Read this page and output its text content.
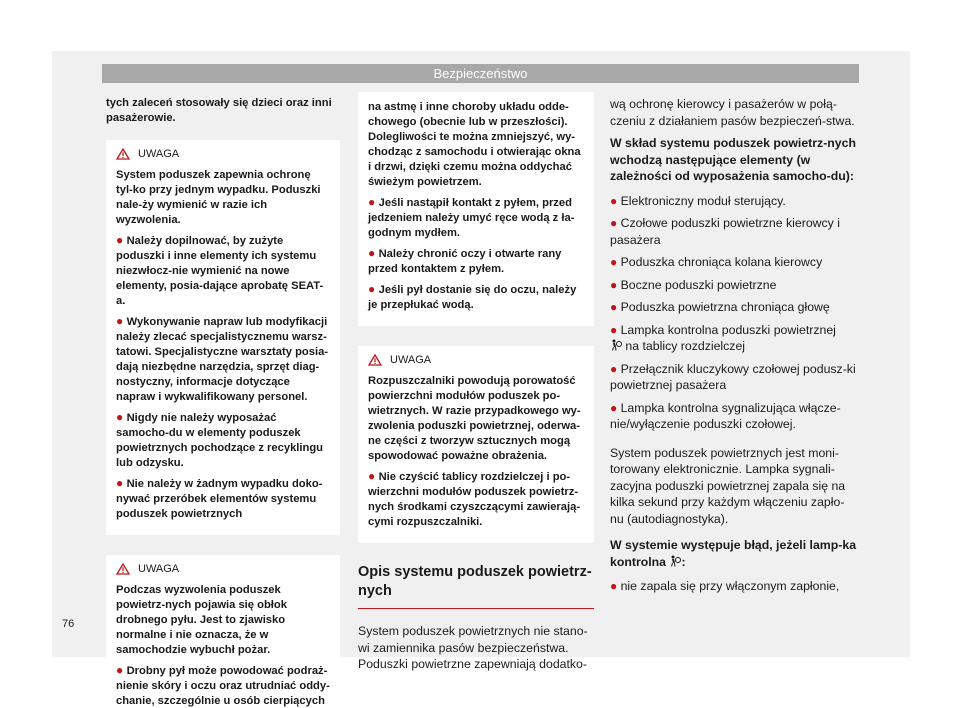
Bezpieczeństwo

tych zaleceń stosowały się dzieci oraz inni pasażerowie.

UWAGA

System poduszek zapewnia ochronę tyl-ko przy jednym wypadku. Poduszki nale-ży wymienić w razie ich wyzwolenia.

● Należy dopilnować, by zużyte poduszki i inne elementy ich systemu niezwłocz-nie wymienić na nowe elementy, posia-dające aprobatę SEAT-a.

● Wykonywanie napraw lub modyfikacji należy zlecać specjalistycznemu warsz-tatowi. Specjalistyczne warsztaty posia-dają niezbędne narzędzia, sprzęt diag-nostyczny, informacje dotyczące napraw i wykwalifikowany personel.

● Nigdy nie należy wyposażać samocho-du w elementy poduszek powietrznych pochodzące z recyklingu lub odzysku.

● Nie należy w żadnym wypadku doko-nywać przeróbek elementów systemu poduszek powietrznych

UWAGA

Podczas wyzwolenia poduszek powietrz-nych pojawia się obłok drobnego pyłu. Jest to zjawisko normalne i nie oznacza, że w samochodzie wybuchł pożar.

● Drobny pył może powodować podraż-nienie skóry i oczu oraz utrudniać oddy-chanie, szczególnie u osób cierpiących

na astmę i inne choroby układu odde-chowego (obecnie lub w przeszłości). Dolegliwości te można zmniejszyć, wy-chodząc z samochodu i otwierając okna i drzwi, dzięki czemu można oddychać świeżym powietrzem.

● Jeśli nastąpił kontakt z pyłem, przed jedzeniem należy umyć ręce wodą z ła-godnym mydłem.

● Należy chronić oczy i otwarte rany przed kontaktem z pyłem.

● Jeśli pył dostanie się do oczu, należy je przepłukać wodą.

UWAGA

Rozpuszczalniki powodują porowatość powierzchni modułów poduszek po-wietrznych. W razie przypadkowego wy-zwolenia poduszki powietrznej, oderwa-ne części z tworzyw sztucznych mogą spowodować poważne obrażenia.

● Nie czyścić tablicy rozdzielczej i po-wierzchni modułów poduszek powietrz-nych środkami czyszczącymi zawierają-cymi rozpuszczalniki.

Opis systemu poduszek powietrz-nych

System poduszek powietrznych nie stano-wi zamiennika pasów bezpieczeństwa. Poduszki powietrzne zapewniają dodatko-

wą ochronę kierowcy i pasażerów w połą-czeniu z działaniem pasów bezpieczeń-stwa.

W skład systemu poduszek powietrz-nych wchodzą następujące elementy (w zależności od wyposażenia samocho-du):

● Elektroniczny moduł sterujący.

● Czołowe poduszki powietrzne kierowcy i pasażera

● Poduszka chroniąca kolana kierowcy

● Boczne poduszki powietrzne

● Poduszka powietrzna chroniąca głowę

● Lampka kontrolna poduszki powietrznej
na tablicy rozdzielczej

● Przełącznik kluczykowy czołowej podusz-ki powietrznej pasażera

● Lampka kontrolna sygnalizująca włącze-nie/wyłączenie poduszki czołowej.

System poduszek powietrznych jest moni-torowany elektronicznie. Lampka sygnali-zacyjna poduszki powietrznej zapala się na kilka sekund przy każdym włączeniu zapło-nu (autodiagnostyka).

W systemie występuje błąd, jeżeli lamp-ka kontrolna :

● nie zapala się przy włączonym zapłonie,

76
